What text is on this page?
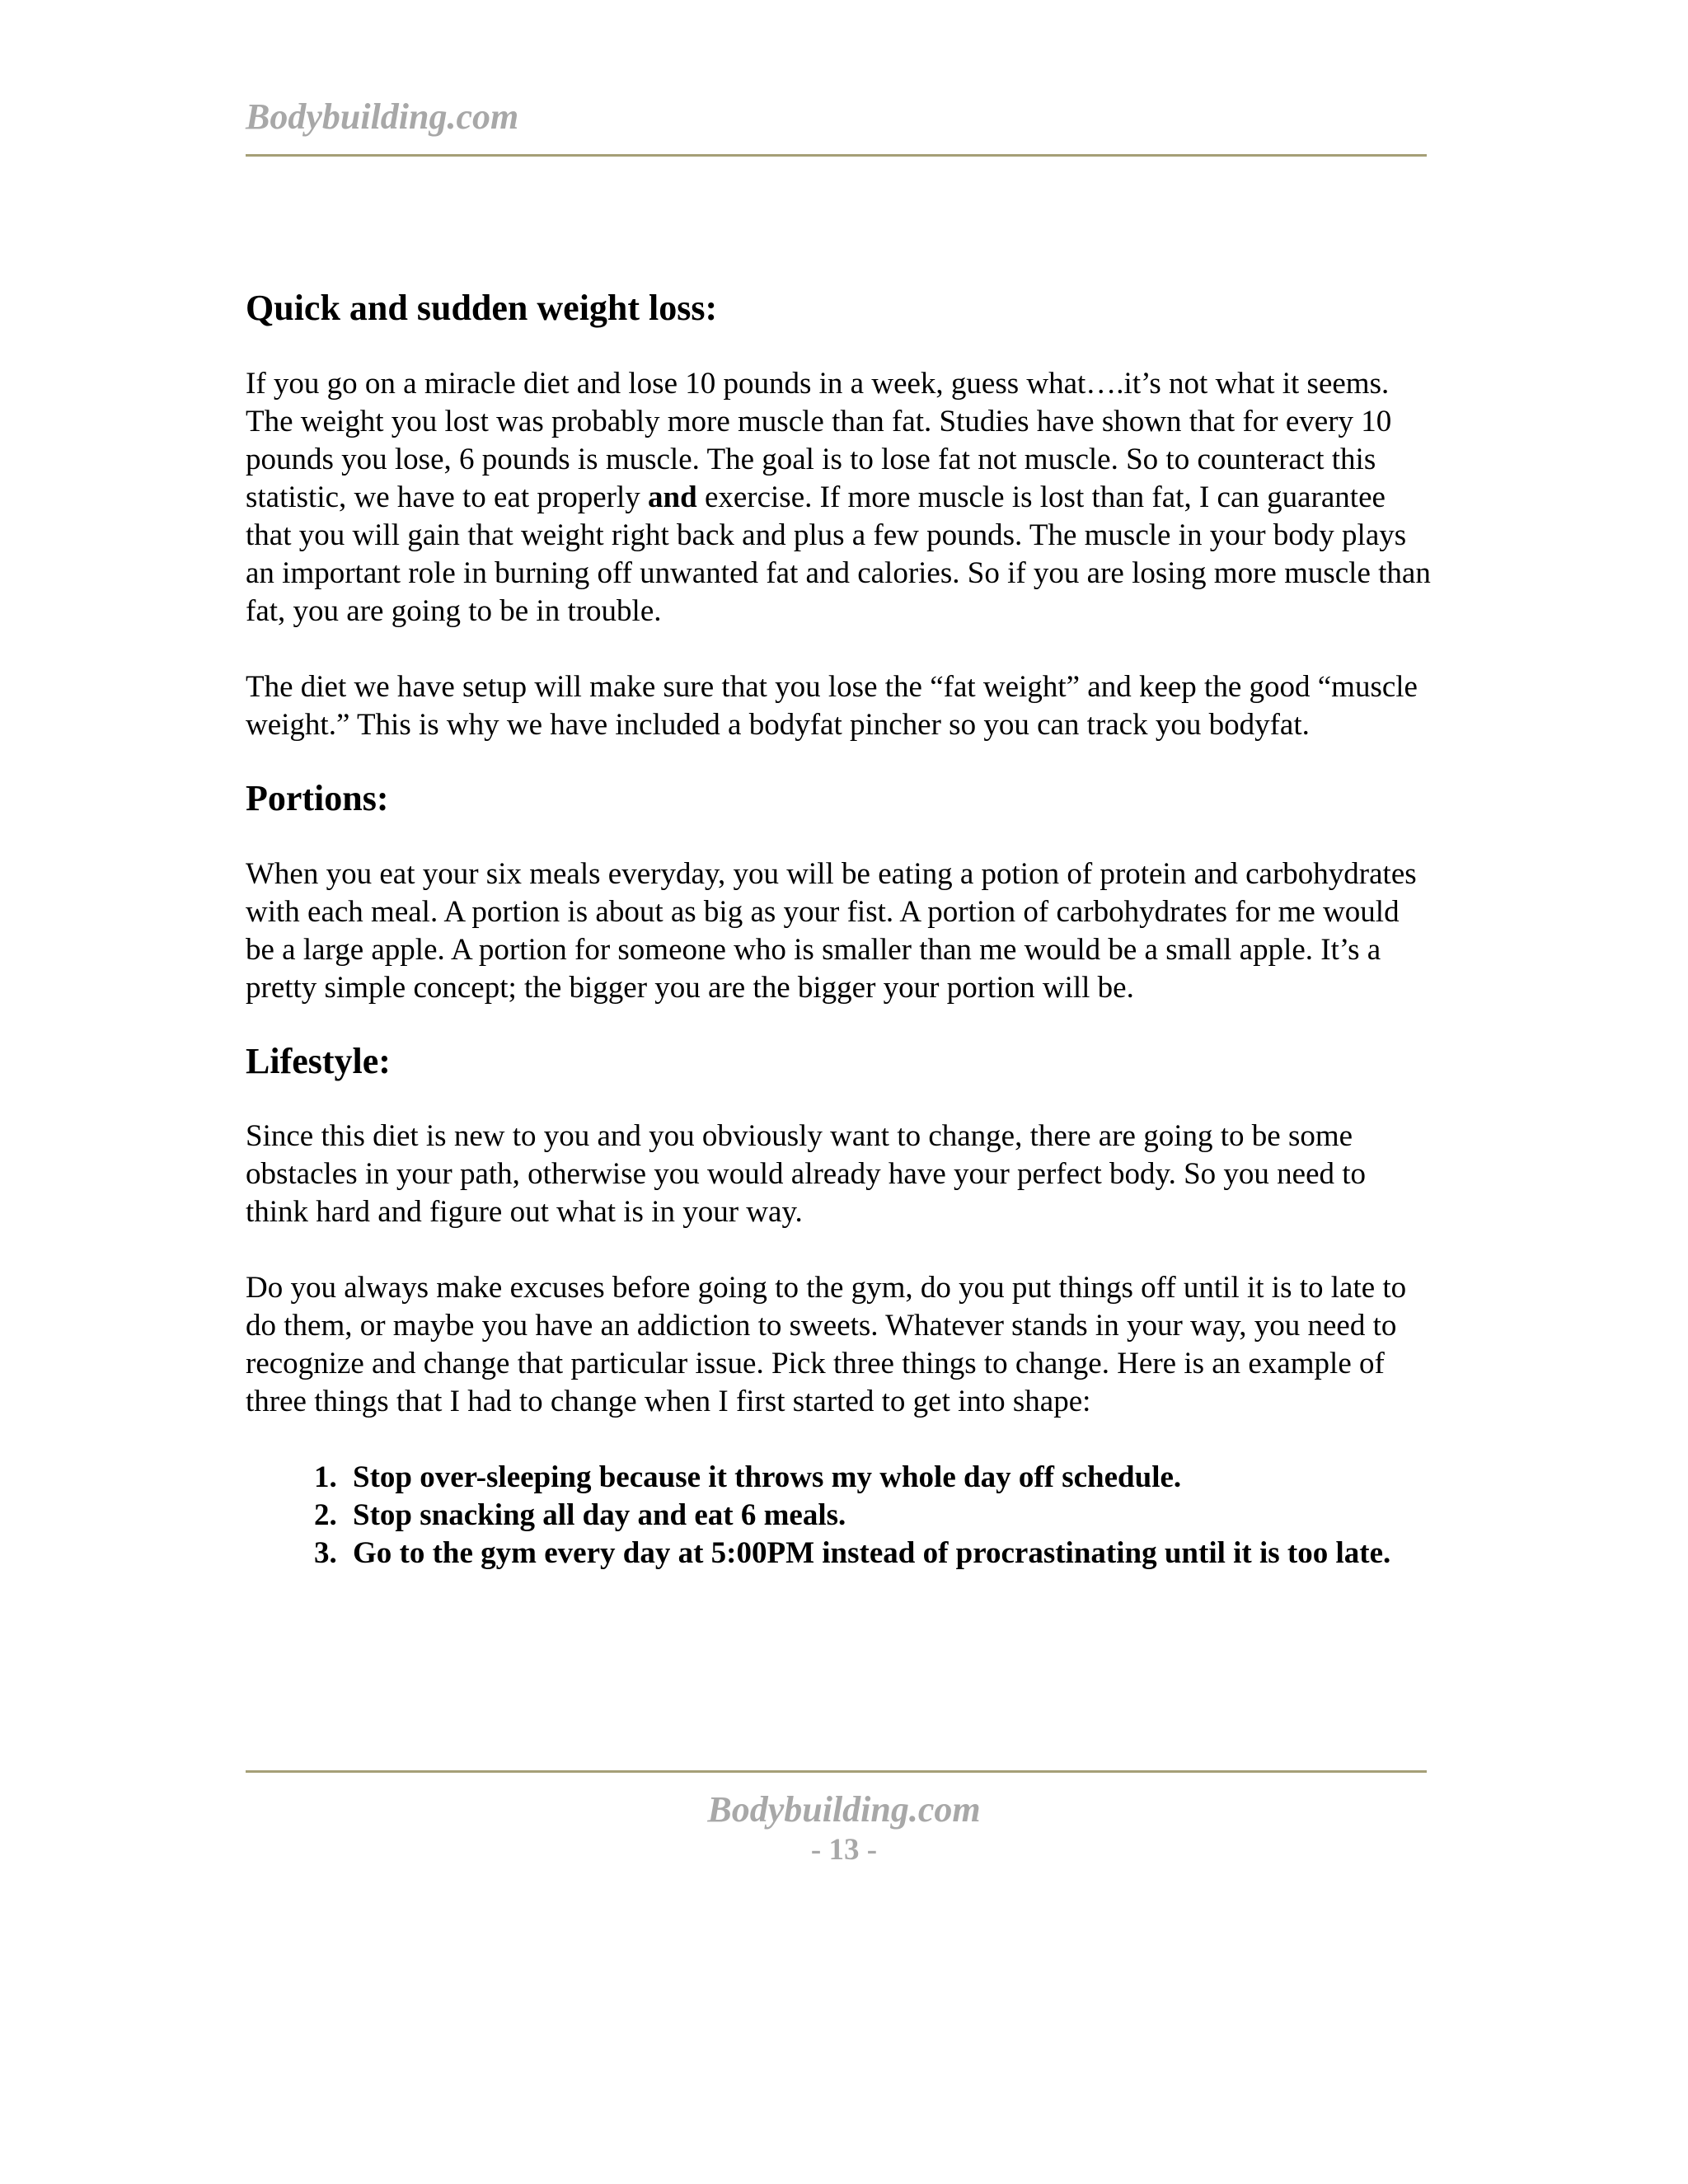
Bodybuilding.com
Quick and sudden weight loss:

If you go on a miracle diet and lose 10 pounds in a week, guess what….it’s not what it seems. The weight you lost was probably more muscle than fat. Studies have shown that for every 10 pounds you lose, 6 pounds is muscle. The goal is to lose fat not muscle. So to counteract this statistic, we have to eat properly and exercise. If more muscle is lost than fat, I can guarantee that you will gain that weight right back and plus a few pounds. The muscle in your body plays an important role in burning off unwanted fat and calories. So if you are losing more muscle than fat, you are going to be in trouble.

The diet we have setup will make sure that you lose the “fat weight” and keep the good “muscle weight.” This is why we have included a bodyfat pincher so you can track you bodyfat.

Portions:

When you eat your six meals everyday, you will be eating a potion of protein and carbohydrates with each meal. A portion is about as big as your fist. A portion of carbohydrates for me would be a large apple. A portion for someone who is smaller than me would be a small apple. It’s a pretty simple concept; the bigger you are the bigger your portion will be.

Lifestyle:

Since this diet is new to you and you obviously want to change, there are going to be some obstacles in your path, otherwise you would already have your perfect body. So you need to think hard and figure out what is in your way.

Do you always make excuses before going to the gym, do you put things off until it is to late to do them, or maybe you have an addiction to sweets. Whatever stands in your way, you need to recognize and change that particular issue. Pick three things to change. Here is an example of three things that I had to change when I first started to get into shape:

1. Stop over-sleeping because it throws my whole day off schedule.
2. Stop snacking all day and eat 6 meals.
3. Go to the gym every day at 5:00PM instead of procrastinating until it is too late.
Bodybuilding.com
- 13 -
